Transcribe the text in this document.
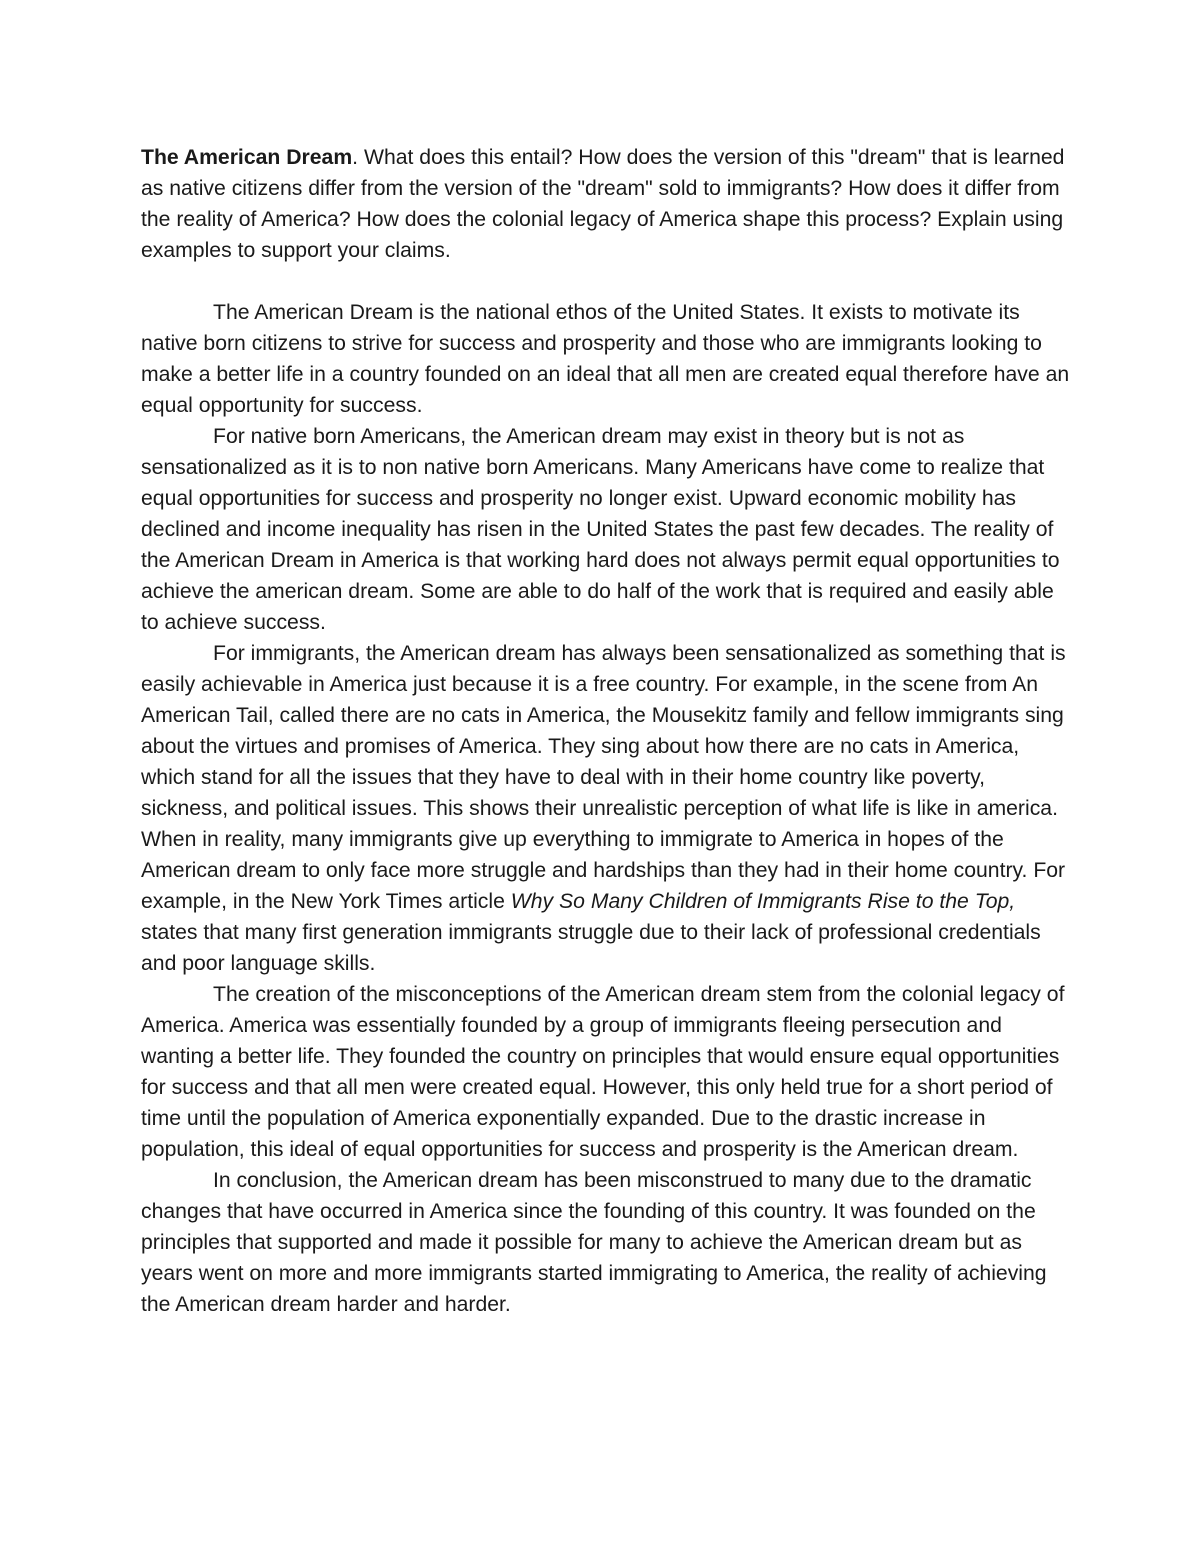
The American Dream. What does this entail? How does the version of this "dream" that is learned as native citizens differ from the version of the "dream" sold to immigrants? How does it differ from the reality of America? How does the colonial legacy of America shape this process? Explain using examples to support your claims.

The American Dream is the national ethos of the United States. It exists to motivate its native born citizens to strive for success and prosperity and those who are immigrants looking to make a better life in a country founded on an ideal that all men are created equal therefore have an equal opportunity for success.

For native born Americans, the American dream may exist in theory but is not as sensationalized as it is to non native born Americans. Many Americans have come to realize that equal opportunities for success and prosperity no longer exist. Upward economic mobility has declined and income inequality has risen in the United States the past few decades. The reality of the American Dream in America is that working hard does not always permit equal opportunities to achieve the american dream. Some are able to do half of the work that is required and easily able to achieve success.

For immigrants, the American dream has always been sensationalized as something that is easily achievable in America just because it is a free country. For example, in the scene from An American Tail, called there are no cats in America, the Mousekitz family and fellow immigrants sing about the virtues and promises of America. They sing about how there are no cats in America, which stand for all the issues that they have to deal with in their home country like poverty, sickness, and political issues. This shows their unrealistic perception of what life is like in america. When in reality, many immigrants give up everything to immigrate to America in hopes of the American dream to only face more struggle and hardships than they had in their home country. For example, in the New York Times article Why So Many Children of Immigrants Rise to the Top, states that many first generation immigrants struggle due to their lack of professional credentials and poor language skills.

The creation of the misconceptions of the American dream stem from the colonial legacy of America. America was essentially founded by a group of immigrants fleeing persecution and wanting a better life. They founded the country on principles that would ensure equal opportunities for success and that all men were created equal. However, this only held true for a short period of time until the population of America exponentially expanded. Due to the drastic increase in population, this ideal of equal opportunities for success and prosperity is the American dream.

In conclusion, the American dream has been misconstrued to many due to the dramatic changes that have occurred in America since the founding of this country. It was founded on the principles that supported and made it possible for many to achieve the American dream but as years went on more and more immigrants started immigrating to America, the reality of achieving the American dream harder and harder.
